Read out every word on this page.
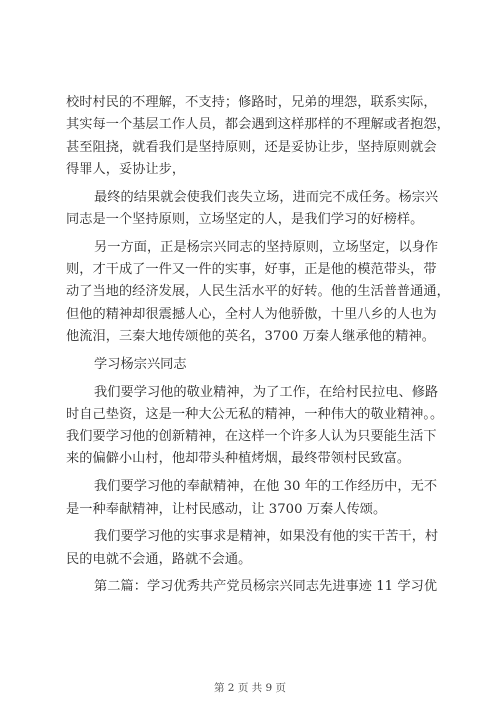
校时村民的不理解，不支持；修路时，兄弟的埋怨，联系实际，
其实每一个基层工作人员，都会遇到这样那样的不理解或者抱怨，
甚至阻挠，就看我们是坚持原则，还是妥协让步，坚持原则就会
得罪人，妥协让步，
最终的结果就会使我们丧失立场，进而完不成任务。杨宗兴
同志是一个坚持原则，立场坚定的人，是我们学习的好榜样。
另一方面，正是杨宗兴同志的坚持原则，立场坚定，以身作
则，才干成了一件又一件的实事，好事，正是他的模范带头，带
动了当地的经济发展，人民生活水平的好转。他的生活普普通通，
但他的精神却很震撼人心，全村人为他骄傲，十里八乡的人也为
他流泪，三秦大地传颂他的英名，3700 万秦人继承他的精神。
学习杨宗兴同志
我们要学习他的敬业精神，为了工作，在给村民拉电、修路
时自己垫资，这是一种大公无私的精神，一种伟大的敬业精神。。
我们要学习他的创新精神，在这样一个许多人认为只要能生活下
来的偏僻小山村，他却带头种植烤烟，最终带领村民致富。
我们要学习他的奉献精神，在他 30 年的工作经历中，无不
是一种奉献精神，让村民感动，让 3700 万秦人传颂。
我们要学习他的实事求是精神，如果没有他的实干苦干，村
民的电就不会通，路就不会通。
第二篇：学习优秀共产党员杨宗兴同志先进事迹 11 学习优
第 2 页 共 9 页
